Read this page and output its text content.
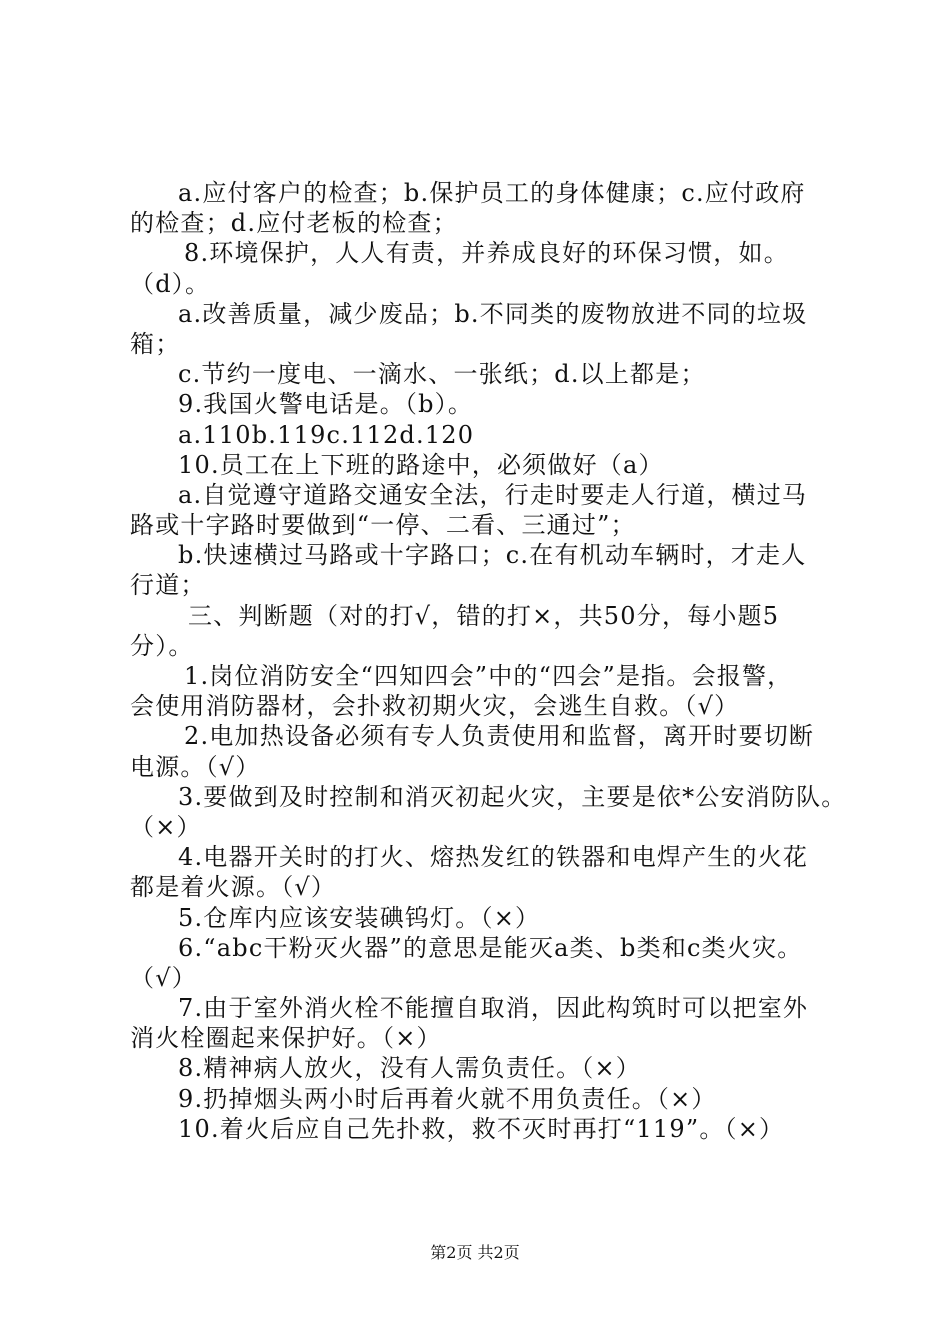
a.应付客户的检查；b.保护员工的身体健康；c.应付政府
的检查；d.应付老板的检查；
8.环境保护，人人有责，并养成良好的环保习惯，如。
（d）。
a.改善质量，减少废品；b.不同类的废物放进不同的垃圾
箱；
c.节约一度电、一滴水、一张纸；d.以上都是；
9.我国火警电话是。（b）。
a.110b.119c.112d.120
10.员工在上下班的路途中，必须做好（a）
a.自觉遵守道路交通安全法，行走时要走人行道，横过马
路或十字路时要做到“一停、二看、三通过”；
b.快速横过马路或十字路口；c.在有机动车辆时，才走人
行道；
三、判断题（对的打√，错的打×，共50分，每小题5
分）。
1.岗位消防安全“四知四会”中的“四会”是指。会报警，
会使用消防器材，会扑救初期火灾，会逃生自救。（√）
2.电加热设备必须有专人负责使用和监督，离开时要切断
电源。（√）
3.要做到及时控制和消灭初起火灾，主要是依*公安消防队。
（×）
4.电器开关时的打火、熔热发红的铁器和电焊产生的火花
都是着火源。（√）
5.仓库内应该安装碘钨灯。（×）
6.“abc干粉灭火器”的意思是能灭a类、b类和c类火灾。
（√）
7.由于室外消火栓不能擅自取消，因此构筑时可以把室外
消火栓圈起来保护好。（×）
8.精神病人放火，没有人需负责任。（×）
9.扔掉烟头两小时后再着火就不用负责任。（×）
10.着火后应自己先扑救，救不灭时再打“119”。（×）
第2页 共2页
